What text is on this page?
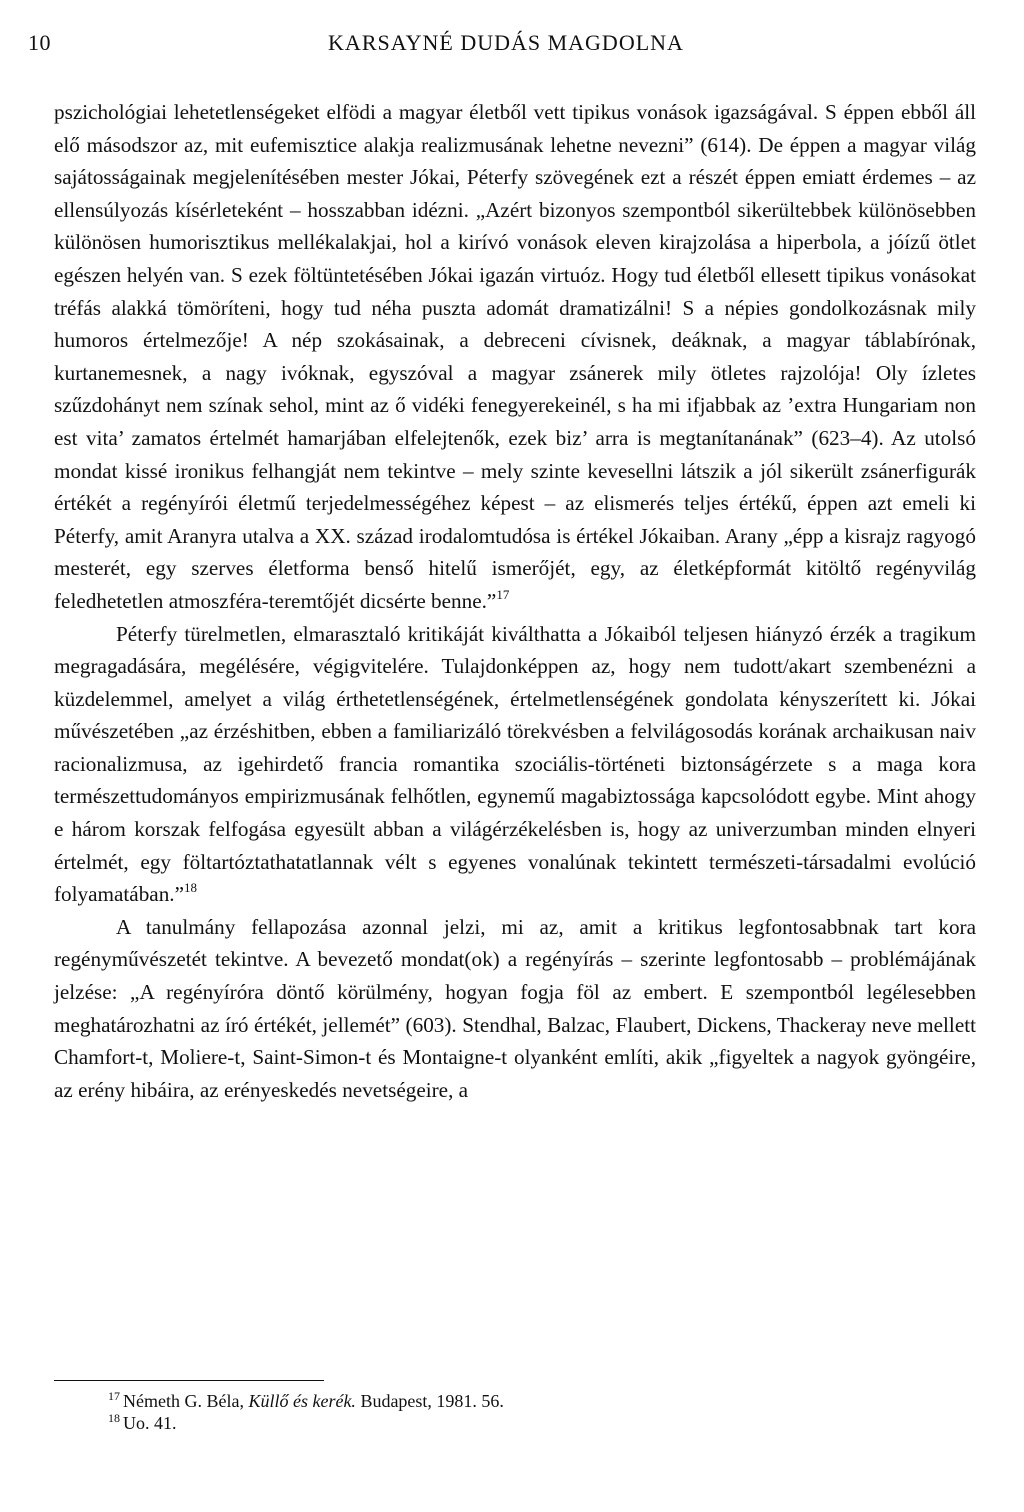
10	KARSAYNÉ DUDÁS MAGDOLNA

pszichológiai lehetetlenségeket elfödi a magyar életből vett tipikus vonások igazságával. S éppen ebből áll elő másodszor az, mit eufemisztice alakja realizmusának lehetne nevezni” (614). De éppen a magyar világ sajátosságainak megjelenítésében mester Jókai, Péterfy szövegének ezt a részét éppen emiatt érdemes – az ellensúlyozás kísérleteként – hosszabban idézni. „Azért bizonyos szempontból sikerültebbek különösebben különösen humorisztikus mellékalakjai, hol a kirívó vonások eleven kirajzolása a hiperbola, a jóízű ötlet egészen helyén van. S ezek föltüntetésében Jókai igazán virtuóz. Hogy tud életből ellesett tipikus vonásokat tréfás alakká tömöríteni, hogy tud néha puszta adomát dramatizálni! S a népies gondolkozásnak mily humoros értelmezője! A nép szokásainak, a debreceni cívisnek, deáknak, a magyar táblabírónak, kurtanemesnek, a nagy ivóknak, egyszóval a magyar zsánerek mily ötletes rajzolója! Oly ízletes szűzdohányt nem színak sehol, mint az ő vidéki fenegyerekeinél, s ha mi ifjabbak az ’extra Hungariam non est vita’ zamatos értelmét hamarjában elfelejtenők, ezek biz’ arra is megtanítanának” (623–4). Az utolsó mondat kissé ironikus felhangját nem tekintve – mely szinte kevesellni látszik a jól sikerült zsánerfigurák értékét a regényírói életmű terjedelmességéhez képest – az elismerés teljes értékű, éppen azt emeli ki Péterfy, amit Aranyra utalva a XX. század irodalomtudósa is értékel Jókaiban. Arany „épp a kisrajz ragyogó mesterét, egy szerves életforma benső hitelű ismerőjét, egy, az életképformát kitöltő regényvilág feledhetetlen atmoszféra-teremtőjét dicsérte benne.”$^{17}$

Péterfy türelmetlen, elmarasztaló kritikáját kiválthatta a Jókaiból teljesen hiányzó érzék a tragikum megragadására, megélésére, végigvitelére. Tulajdonképpen az, hogy nem tudott/akart szembenézni a küzdelemmel, amelyet a világ érthetetlenségének, értelmetlenségének gondolata kényszerített ki. Jókai művészetében „az érzéshitben, ebben a familiarizáló törekvésben a felvilágosodás korának archaikusan naiv racionalizmusa, az igehirdető francia romantika szociális-történeti biztonságérzete s a maga kora természettudományos empirizmusának felhőtlen, egynemű magabiztossága kapcsolódott egybe. Mint ahogy e három korszak felfogása egyesült abban a világérzékelésben is, hogy az univerzumban minden elnyeri értelmét, egy föltartóztathatatlannak vélt s egyenes vonalúnak tekintett természeti-társadalmi evolúció folyamatában.”$^{18}$

A tanulmány fellapozása azonnal jelzi, mi az, amit a kritikus legfontosabbnak tart kora regényművészetét tekintve. A bevezető mondat(ok) a regényírás – szerinte legfontosabb – problémájának jelzése: „A regényíróra döntő körülmény, hogyan fogja föl az embert. E szempontból legélesebben meghatározhatni az író értékét, jellemét” (603). Stendhal, Balzac, Flaubert, Dickens, Thackeray neve mellett Chamfort-t, Moliere-t, Saint-Simon-t és Montaigne-t olyanként említi, akik „figyeltek a nagyok gyöngéire, az erény hibáira, az erényeskedés nevetségeire, a

$^{17}$ Németh G. Béla, Küllő és kerék. Budapest, 1981. 56.
$^{18}$ Uo. 41.
